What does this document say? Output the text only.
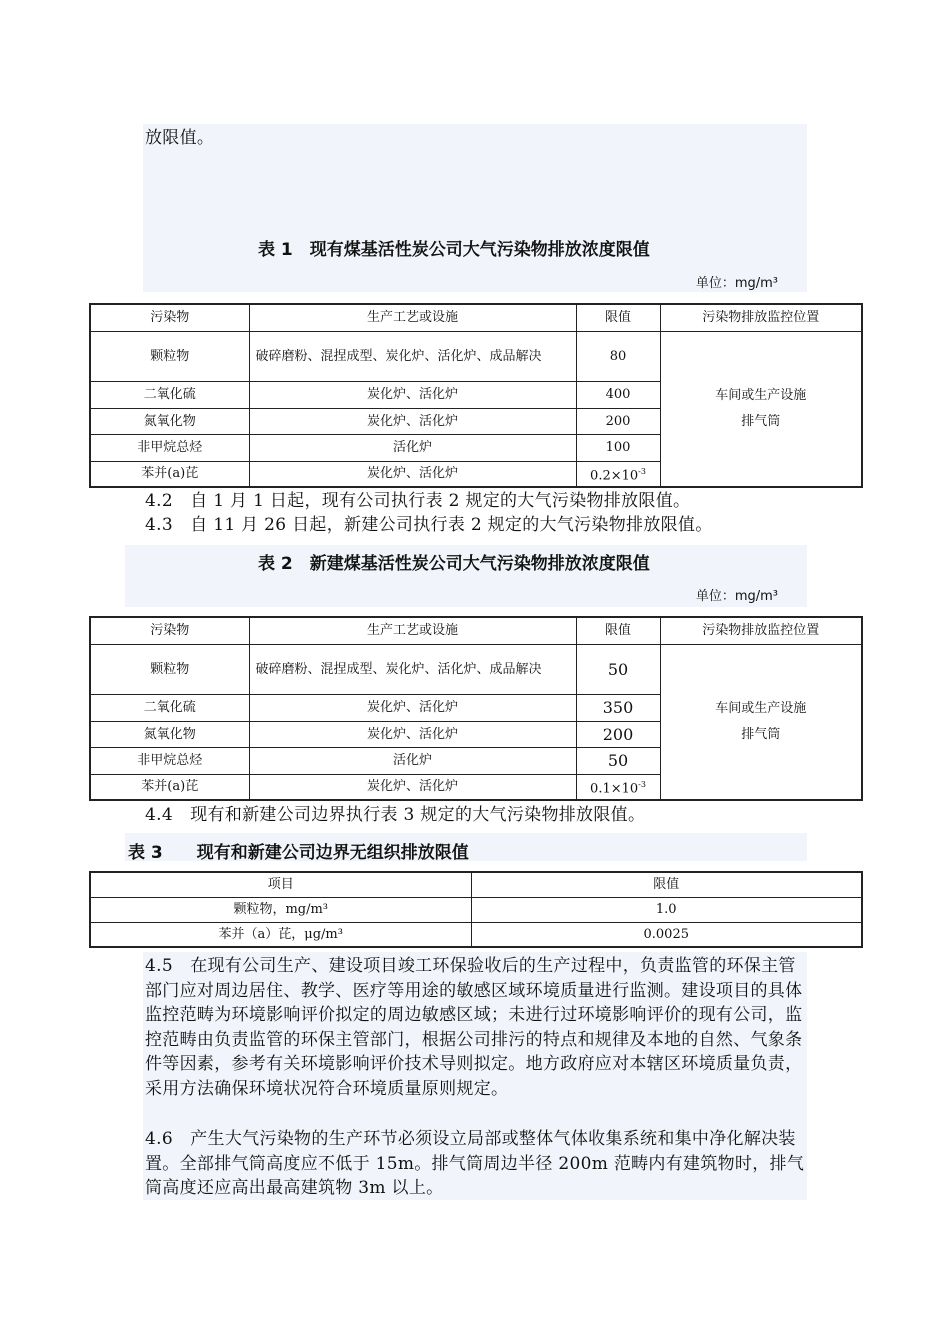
放限值。
表 1　现有煤基活性炭公司大气污染物排放浓度限值
单位：mg/m³
污染物	生产工艺或设施	限值	污染物排放监控位置
颗粒物	破碎磨粉、混捏成型、炭化炉、活化炉、成品解决	80	车间或生产设施
排气筒
二氧化硫	炭化炉、活化炉	400	
氮氧化物	炭化炉、活化炉	200	
非甲烷总烃	活化炉	100	
苯并(a)芘	炭化炉、活化炉	$0.2\times 10^{-3}$
4.2　自 1 月 1 日起，现有公司执行表 2 规定的大气污染物排放限值。
4.3　自 11 月 26 日起，新建公司执行表 2 规定的大气污染物排放限值。
表 2　新建煤基活性炭公司大气污染物排放浓度限值
单位：mg/m³
污染物	生产工艺或设施	限值	污染物排放监控位置
颗粒物	破碎磨粉、混捏成型、炭化炉、活化炉、成品解决	50	车间或生产设施
排气筒
二氧化硫	炭化炉、活化炉	350	
氮氧化物	炭化炉、活化炉	200	
非甲烷总烃	活化炉	50	
苯并(a)芘	炭化炉、活化炉	$0.1\times 10^{-3}$
4.4　现有和新建公司边界执行表 3 规定的大气污染物排放限值。
表 3　　现有和新建公司边界无组织排放限值
项目	限值
颗粒物，mg/m³	1.0
苯并（a）芘，μg/m³	0.0025
4.5　在现有公司生产、建设项目竣工环保验收后的生产过程中，负责监管的环保主管部门应对周边居住、教学、医疗等用途的敏感区域环境质量进行监测。建设项目的具体监控范畴为环境影响评价拟定的周边敏感区域；未进行过环境影响评价的现有公司，监控范畴由负责监管的环保主管部门，根据公司排污的特点和规律及本地的自然、气象条件等因素，参考有关环境影响评价技术导则拟定。地方政府应对本辖区环境质量负责，采用方法确保环境状况符合环境质量原则规定。
4.6　产生大气污染物的生产环节必须设立局部或整体气体收集系统和集中净化解决装置。全部排气筒高度应不低于 15m。排气筒周边半径 200m 范畴内有建筑物时，排气筒高度还应高出最高建筑物 3m 以上。
